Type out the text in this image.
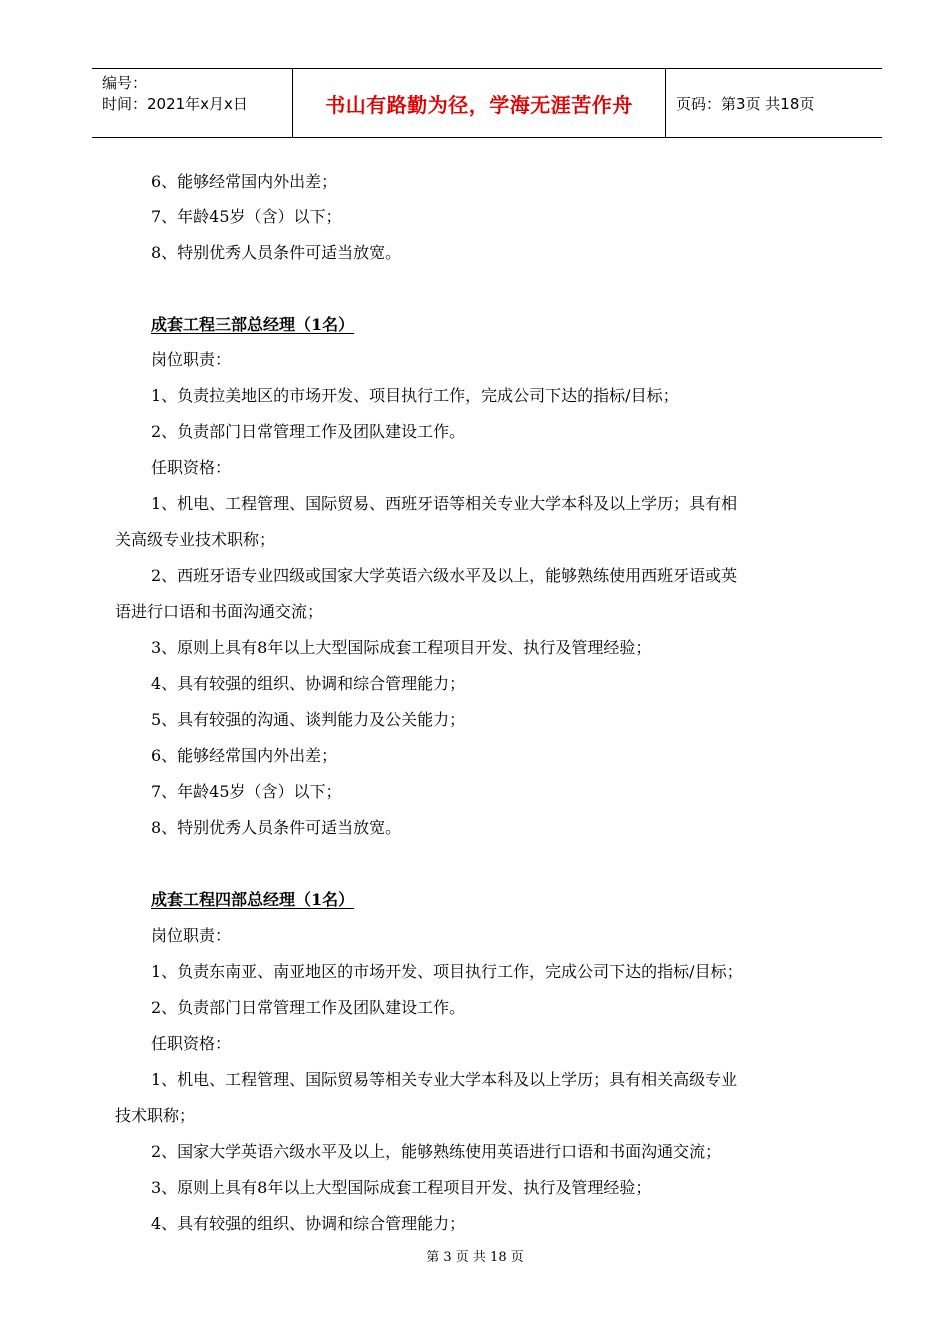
编号：
时间：2021年x月x日	书山有路勤为径，学海无涯苦作舟	页码：第3页 共18页
6、能够经常国内外出差；
7、年龄45岁（含）以下；
8、特别优秀人员条件可适当放宽。
成套工程三部总经理（1名）
岗位职责：
1、负责拉美地区的市场开发、项目执行工作，完成公司下达的指标/目标；
2、负责部门日常管理工作及团队建设工作。
任职资格：
1、机电、工程管理、国际贸易、西班牙语等相关专业大学本科及以上学历；具有相
关高级专业技术职称；
2、西班牙语专业四级或国家大学英语六级水平及以上，能够熟练使用西班牙语或英
语进行口语和书面沟通交流；
3、原则上具有8年以上大型国际成套工程项目开发、执行及管理经验；
4、具有较强的组织、协调和综合管理能力；
5、具有较强的沟通、谈判能力及公关能力；
6、能够经常国内外出差；
7、年龄45岁（含）以下；
8、特别优秀人员条件可适当放宽。
成套工程四部总经理（1名）
岗位职责：
1、负责东南亚、南亚地区的市场开发、项目执行工作，完成公司下达的指标/目标；
2、负责部门日常管理工作及团队建设工作。
任职资格：
1、机电、工程管理、国际贸易等相关专业大学本科及以上学历；具有相关高级专业
技术职称；
2、国家大学英语六级水平及以上，能够熟练使用英语进行口语和书面沟通交流；
3、原则上具有8年以上大型国际成套工程项目开发、执行及管理经验；
4、具有较强的组织、协调和综合管理能力；
第 3 页 共 18 页
